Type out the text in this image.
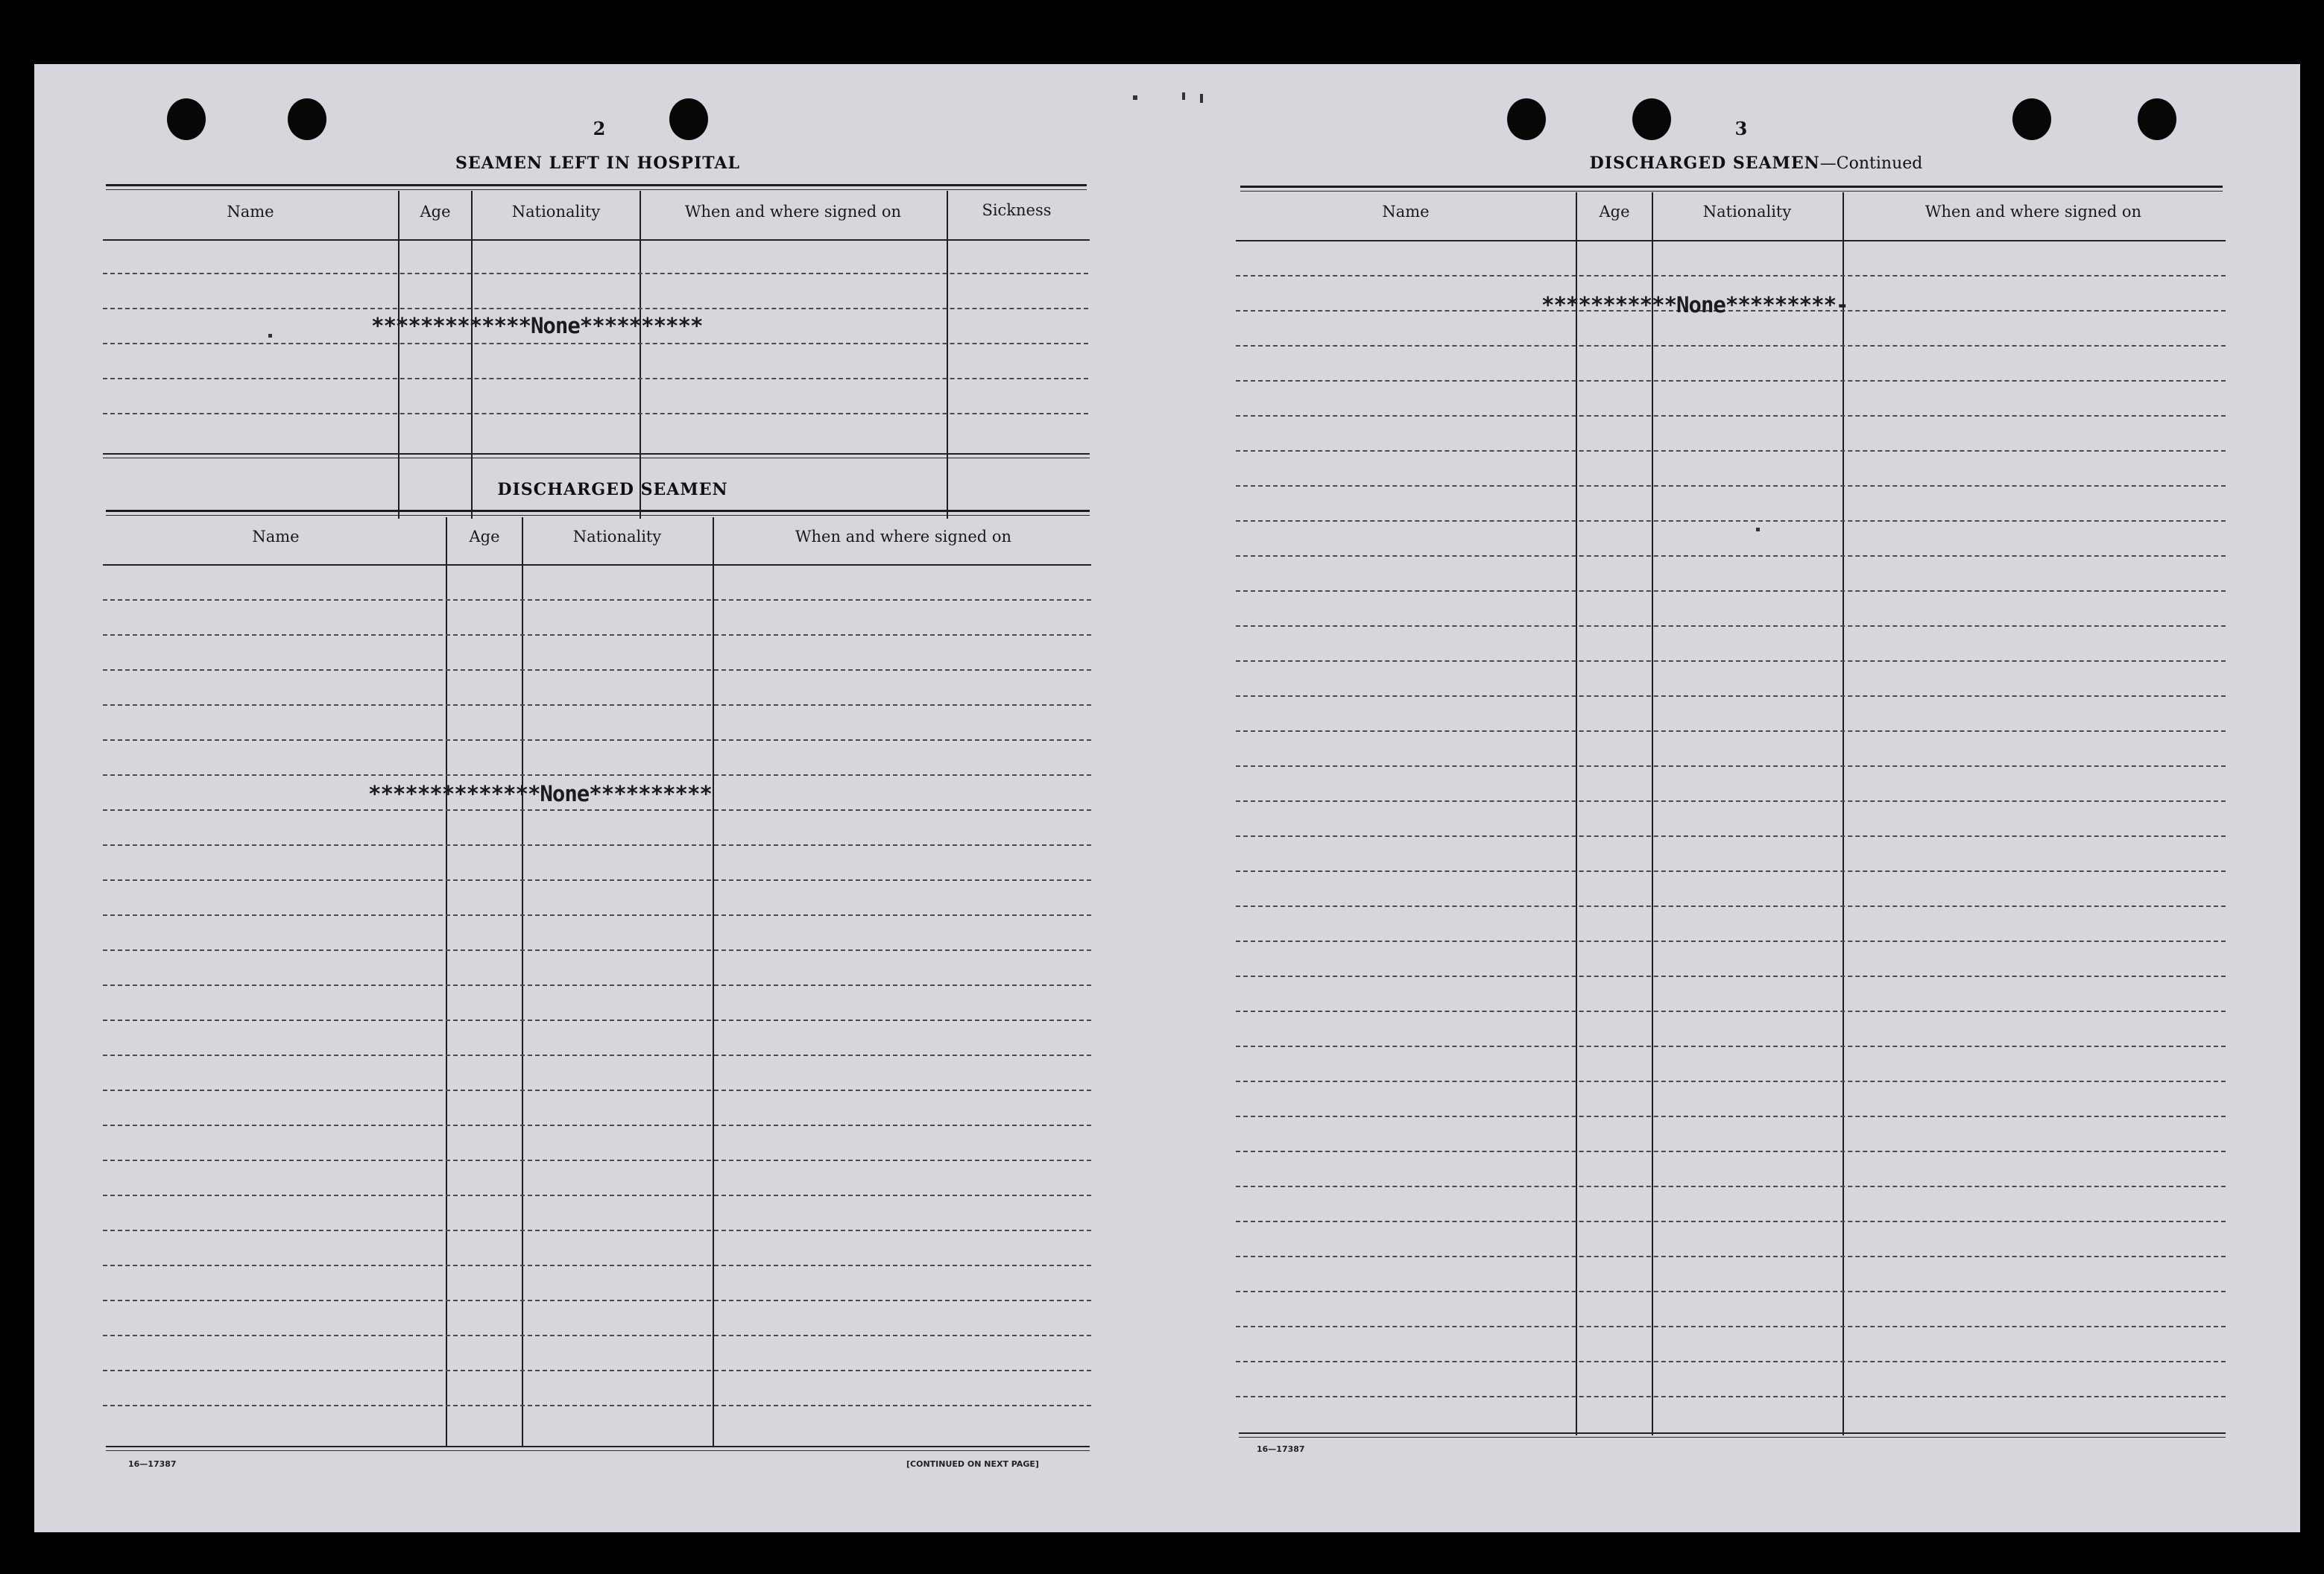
2
SEAMEN LEFT IN HOSPITAL
Name	Age	Nationality	When and where signed on	Sickness
*************None**********
DISCHARGED SEAMEN
Name	Age	Nationality	When and where signed on
**************None**********
16—17387	[CONTINUED ON NEXT PAGE]
3
DISCHARGED SEAMEN—Continued
Name	Age	Nationality	When and where signed on
***********None*********-
16—17387
